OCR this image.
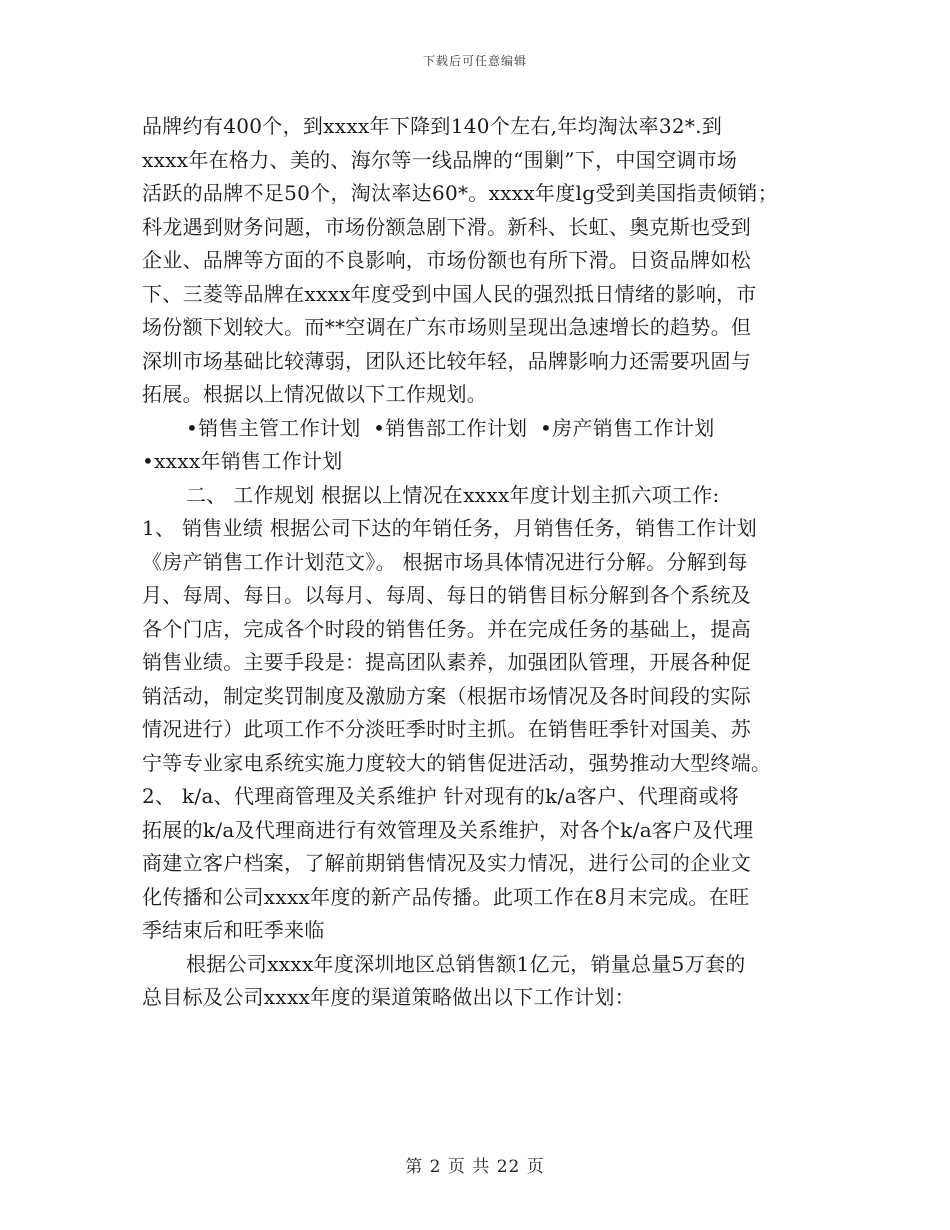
下载后可任意编辑
品牌约有400个，到xxxx年下降到140个左右,年均淘汰率32*.到
xxxx年在格力、美的、海尔等一线品牌的“围剿”下，中国空调市场
活跃的品牌不足50个，淘汰率达60*。xxxx年度lg受到美国指责倾销；
科龙遇到财务问题，市场份额急剧下滑。新科、长虹、奥克斯也受到
企业、品牌等方面的不良影响，市场份额也有所下滑。日资品牌如松
下、三菱等品牌在xxxx年度受到中国人民的强烈抵日情绪的影响，市
场份额下划较大。而**空调在广东市场则呈现出急速增长的趋势。但
深圳市场基础比较薄弱，团队还比较年轻，品牌影响力还需要巩固与
拓展。根据以上情况做以下工作规划。
•销售主管工作计划 •销售部工作计划 •房产销售工作计划
•xxxx年销售工作计划
二、 工作规划 根据以上情况在xxxx年度计划主抓六项工作:
1、 销售业绩 根据公司下达的年销任务，月销售任务，销售工作计划
《房产销售工作计划范文》。 根据市场具体情况进行分解。分解到每
月、每周、每日。以每月、每周、每日的销售目标分解到各个系统及
各个门店，完成各个时段的销售任务。并在完成任务的基础上，提高
销售业绩。主要手段是：提高团队素养，加强团队管理，开展各种促
销活动，制定奖罚制度及激励方案（根据市场情况及各时间段的实际
情况进行）此项工作不分淡旺季时时主抓。在销售旺季针对国美、苏
宁等专业家电系统实施力度较大的销售促进活动，强势推动大型终端。
2、 k/a、代理商管理及关系维护 针对现有的k/a客户、代理商或将
拓展的k/a及代理商进行有效管理及关系维护，对各个k/a客户及代理
商建立客户档案，了解前期销售情况及实力情况，进行公司的企业文
化传播和公司xxxx年度的新产品传播。此项工作在8月末完成。在旺
季结束后和旺季来临
根据公司xxxx年度深圳地区总销售额1亿元，销量总量5万套的
总目标及公司xxxx年度的渠道策略做出以下工作计划：
第 2 页 共 22 页
